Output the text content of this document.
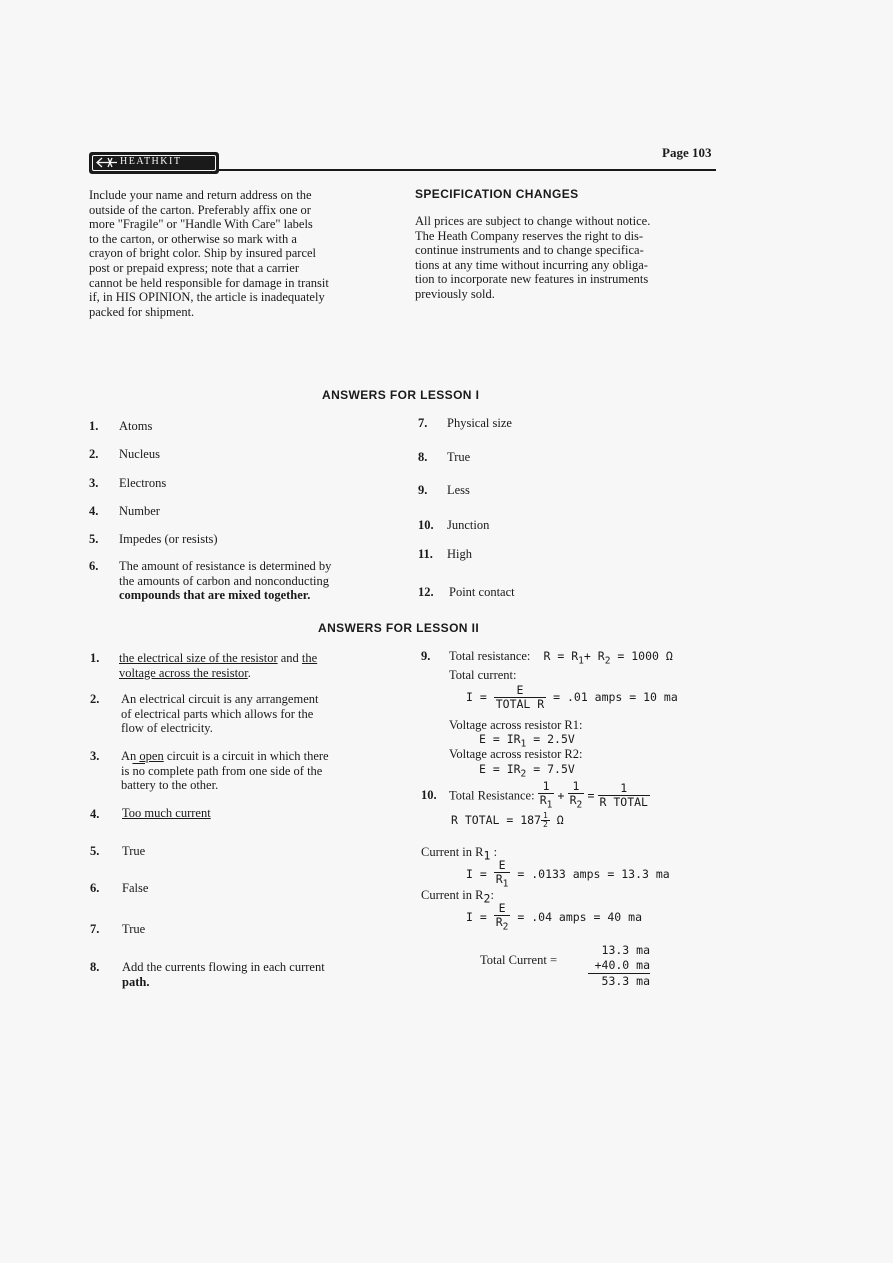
Page 103
HEATHKIT
Include your name and return address on the
outside of the carton. Preferably affix one or
more "Fragile" or "Handle With Care" labels
to the carton, or otherwise so mark with a
crayon of bright color. Ship by insured parcel
post or prepaid express; note that a carrier
cannot be held responsible for damage in transit
if, in HIS OPINION, the article is inadequately
packed for shipment.
SPECIFICATION CHANGES
All prices are subject to change without notice.
The Heath Company reserves the right to dis-
continue instruments and to change specifica-
tions at any time without incurring any obliga-
tion to incorporate new features in instruments
previously sold.
ANSWERS FOR LESSON I
1. Atoms
2. Nucleus
3. Electrons
4. Number
5. Impedes (or resists)
6. The amount of resistance is determined by
the amounts of carbon and nonconducting
compounds that are mixed together.
7. Physical size
8. True
9. Less
10. Junction
11. High
12. Point contact
ANSWERS FOR LESSON II
1. the electrical size of the resistor and the
voltage across the resistor.
2. An electrical circuit is any arrangement
of electrical parts which allows for the
flow of electricity.
3. An open circuit is a circuit in which there
is $\overline{no}$ complete path from one side of the
battery to the other.
4. Too much current
5. True
6. False
7. True
8. Add the currents flowing in each current
path.
9. Total resistance: $R = R_1+ R_2 = 1000$ Ω
Total current:
$I = \frac{E}{\text{TOTAL R}} = .01$ amps = 10 ma
Voltage across resistor R1:
$E = IR_1 = 2.5V$
Voltage across resistor R2:
$E = IR_2 = 7.5V$
10. Total Resistance: $\frac{1}{R_1} + \frac{1}{R_2} = \frac{1}{\text{R TOTAL}}$
R TOTAL = $187 \frac{1}{2}$ Ω
Current in $R_1$ :
$I = \frac{E}{R_1} = .0133$ amps = 13.3 ma
Current in $R_2$:
$I = \frac{E}{R_2} = .04$ amps = 40 ma
Total Current =
13.3 ma
+40.0 ma
53.3 ma
